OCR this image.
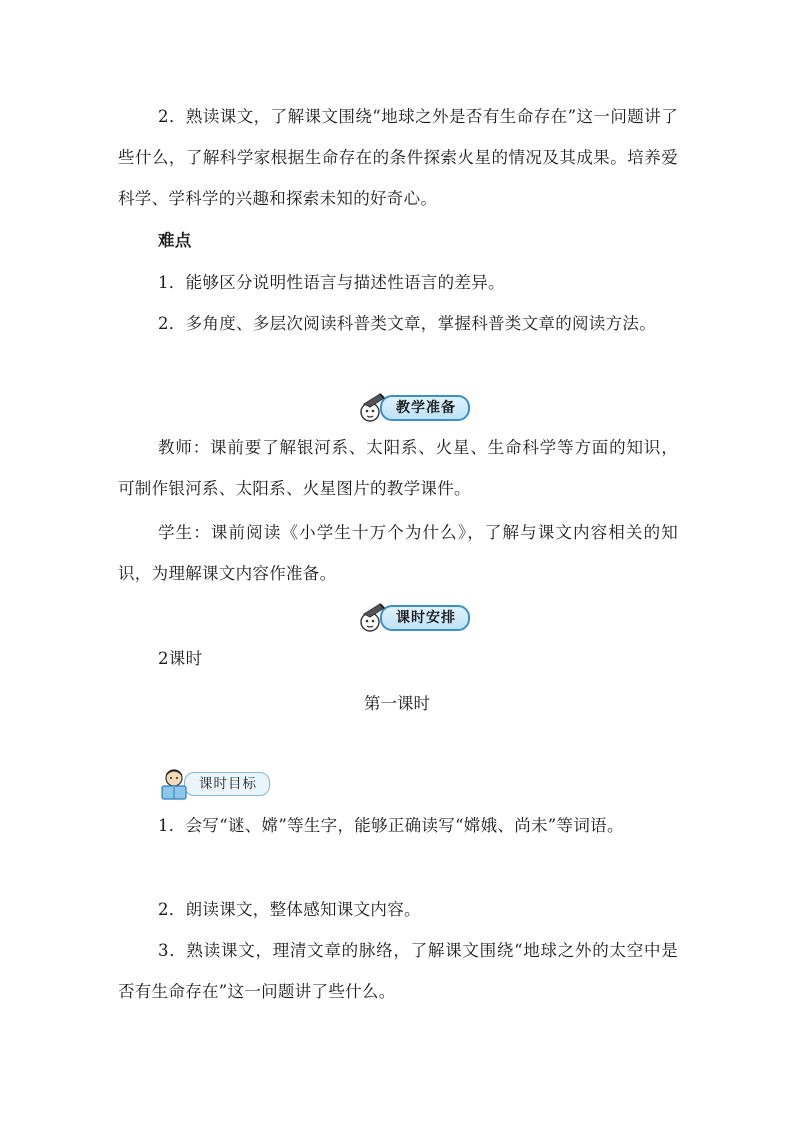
2．熟读课文，了解课文围绕“地球之外是否有生命存在”这一问题讲了些什么，了解科学家根据生命存在的条件探索火星的情况及其成果。培养爱科学、学科学的兴趣和探索未知的好奇心。

难点

1．能够区分说明性语言与描述性语言的差异。

2．多角度、多层次阅读科普类文章，掌握科普类文章的阅读方法。

教学准备

教师：课前要了解银河系、太阳系、火星、生命科学等方面的知识，可制作银河系、太阳系、火星图片的教学课件。

学生：课前阅读《小学生十万个为什么》，了解与课文内容相关的知识，为理解课文内容作准备。

课时安排

2课时

第一课时
课时目标

1．会写“谜、嫦”等生字，能够正确读写“嫦娥、尚未”等词语。

2．朗读课文，整体感知课文内容。

3．熟读课文，理清文章的脉络，了解课文围绕“地球之外的太空中是否有生命存在”这一问题讲了些什么。
